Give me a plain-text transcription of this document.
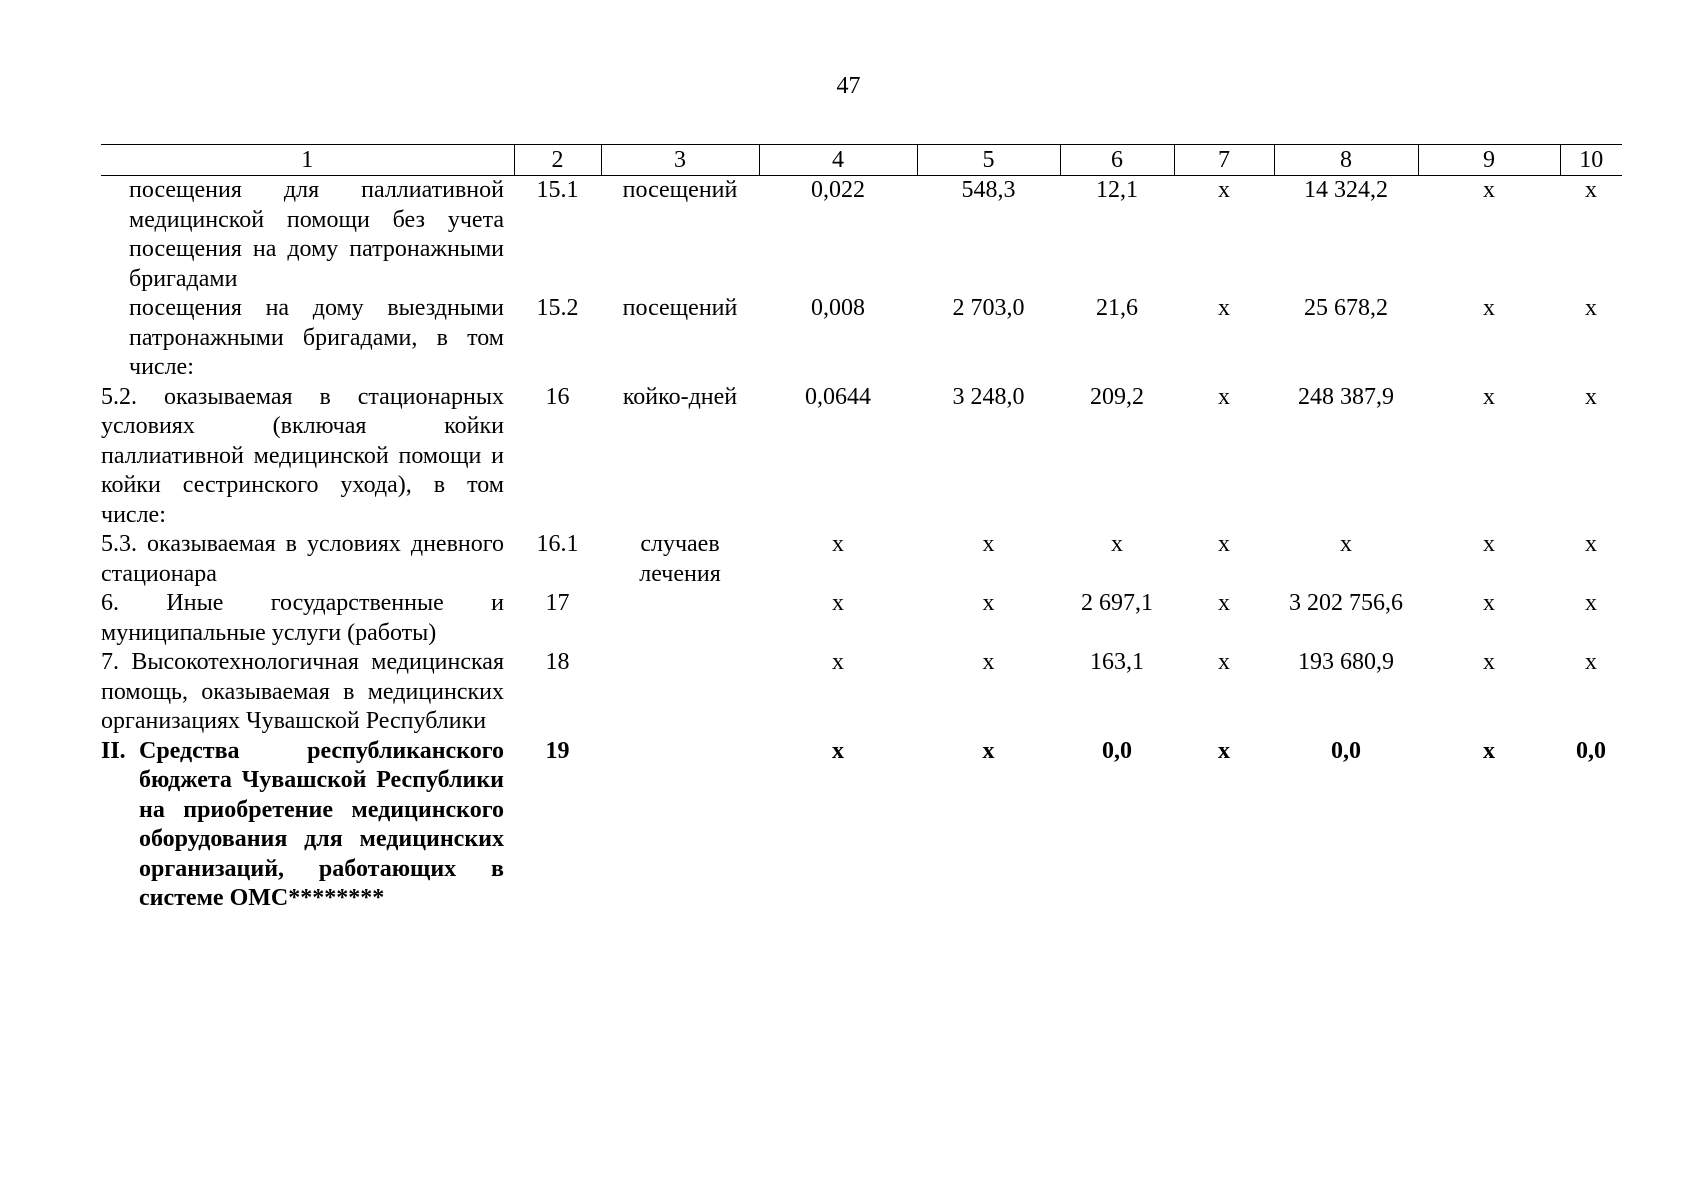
47
1	2	3	4	5	6	7	8	9	10
посещения для паллиативной медицинской помощи без учета посещения на дому патронажными бригадами	15.1	посещений	0,022	548,3	12,1	х	14 324,2	х	х
посещения на дому выездными патронажными бригадами, в том числе:	15.2	посещений	0,008	2 703,0	21,6	х	25 678,2	х	х
5.2. оказываемая в стационарных условиях (включая койки паллиативной медицинской помощи и койки сестринского ухода), в том числе:	16	койко-дней	0,0644	3 248,0	209,2	х	248 387,9	х	х
5.3. оказываемая в условиях дневного стационара	16.1	случаев лечения	х	х	х	х	х	х	х
6. Иные государственные и муниципальные услуги (работы)	17		х	х	2 697,1	х	3 202 756,6	х	х
7. Высокотехнологичная медицинская помощь, оказываемая в медицинских организациях Чувашской Республики	18		х	х	163,1	х	193 680,9	х	х

II. Средства республиканского бюджета Чувашской Республики на приобретение медицинского оборудования для медицинских организаций, работающих в системе ОМС********	19		х	х	0,0	х	0,0	х	0,0
